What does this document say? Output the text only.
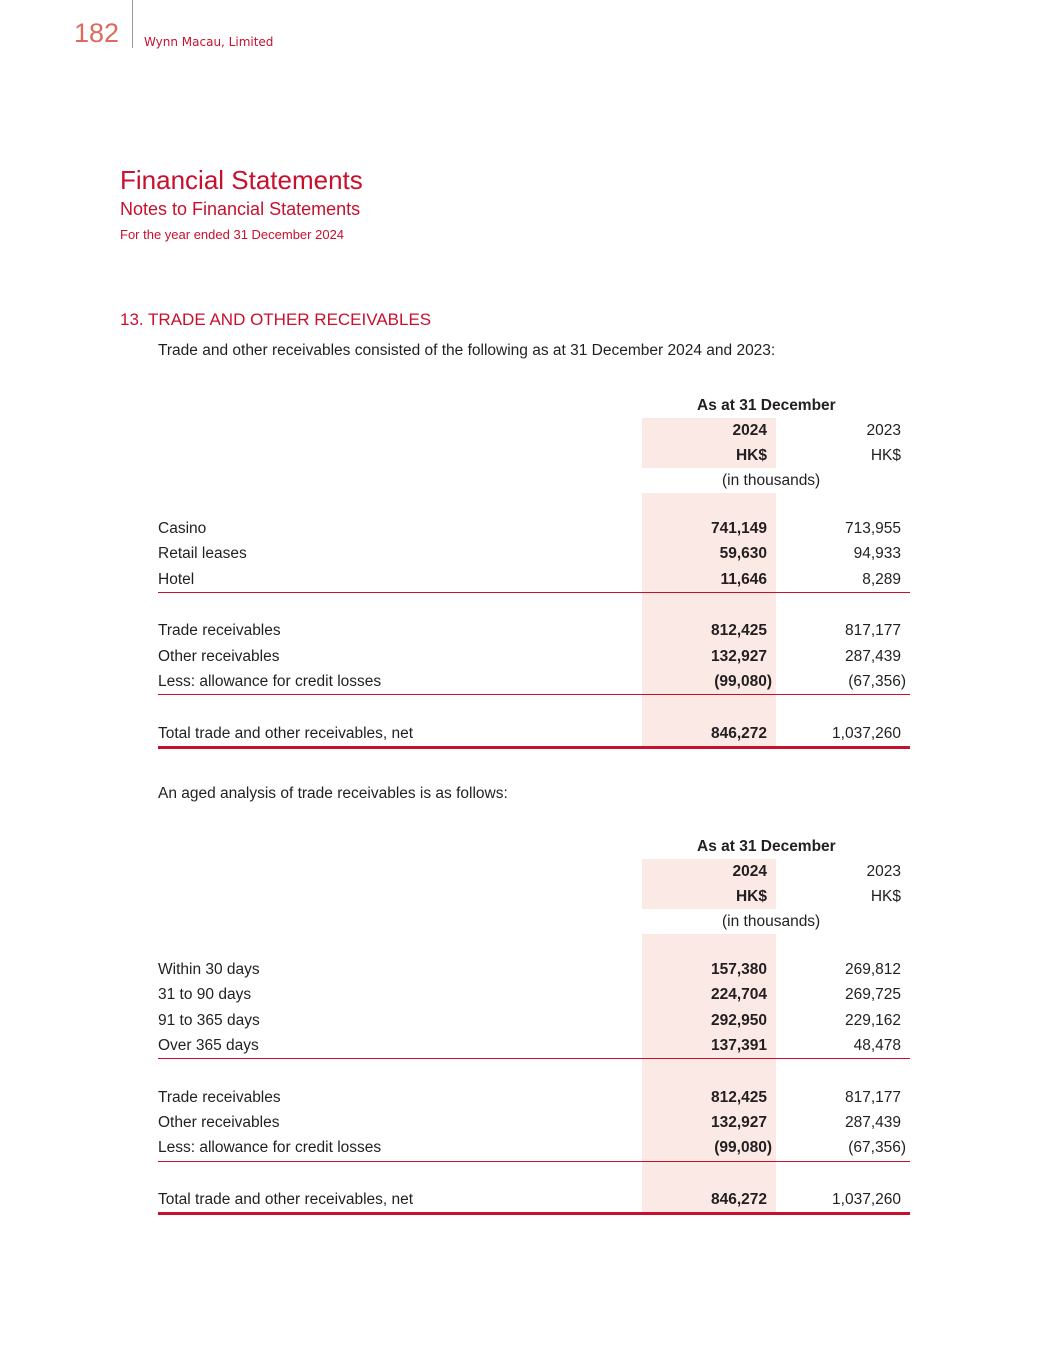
182 Wynn Macau, Limited
Financial Statements
Notes to Financial Statements
For the year ended 31 December 2024
13. TRADE AND OTHER RECEIVABLES
Trade and other receivables consisted of the following as at 31 December 2024 and 2023:
An aged analysis of trade receivables is as follows:
As at 31 December
2024	2023
HK$	HK$
(in thousands)
Casino	741,149	713,955
Retail leases	59,630	94,933
Hotel	11,646	8,289
Trade receivables	812,425	817,177
Other receivables	132,927	287,439
Less: allowance for credit losses	(99,080)	(67,356)
Total trade and other receivables, net	846,272	1,037,260
As at 31 December
2024	2023
HK$	HK$
(in thousands)
Within 30 days	157,380	269,812
31 to 90 days	224,704	269,725
91 to 365 days	292,950	229,162
Over 365 days	137,391	48,478
Trade receivables	812,425	817,177
Other receivables	132,927	287,439
Less: allowance for credit losses	(99,080)	(67,356)
Total trade and other receivables, net	846,272	1,037,260
